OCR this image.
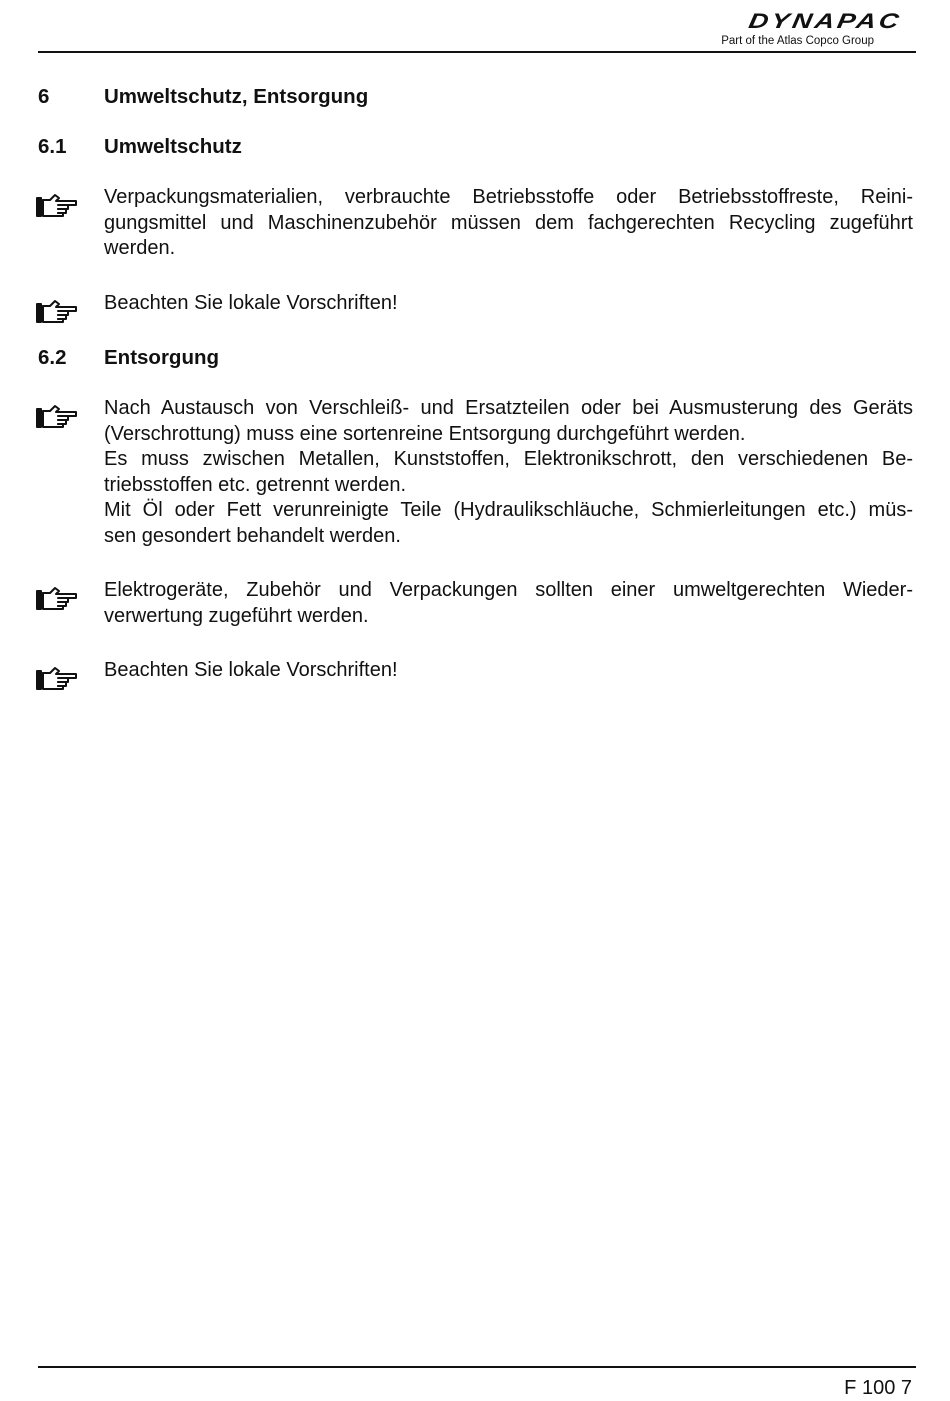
DYNAPAC
Part of the Atlas Copco Group
6	Umweltschutz, Entsorgung
6.1 Umweltschutz
Verpackungsmaterialien, verbrauchte Betriebsstoffe oder Betriebsstoffreste, Reini-
gungsmittel und Maschinenzubehör müssen dem fachgerechten Recycling zugeführt
werden.
Beachten Sie lokale Vorschriften!
6.2 Entsorgung
Nach Austausch von Verschleiß- und Ersatzteilen oder bei Ausmusterung des Geräts
(Verschrottung) muss eine sortenreine Entsorgung durchgeführt werden.
Es muss zwischen Metallen, Kunststoffen, Elektronikschrott, den verschiedenen Be-
triebsstoffen etc. getrennt werden.
Mit Öl oder Fett verunreinigte Teile (Hydraulikschläuche, Schmierleitungen etc.) müs-
sen gesondert behandelt werden.
Elektrogeräte, Zubehör und Verpackungen sollten einer umweltgerechten Wieder-
verwertung zugeführt werden.
Beachten Sie lokale Vorschriften!
F 100 7
